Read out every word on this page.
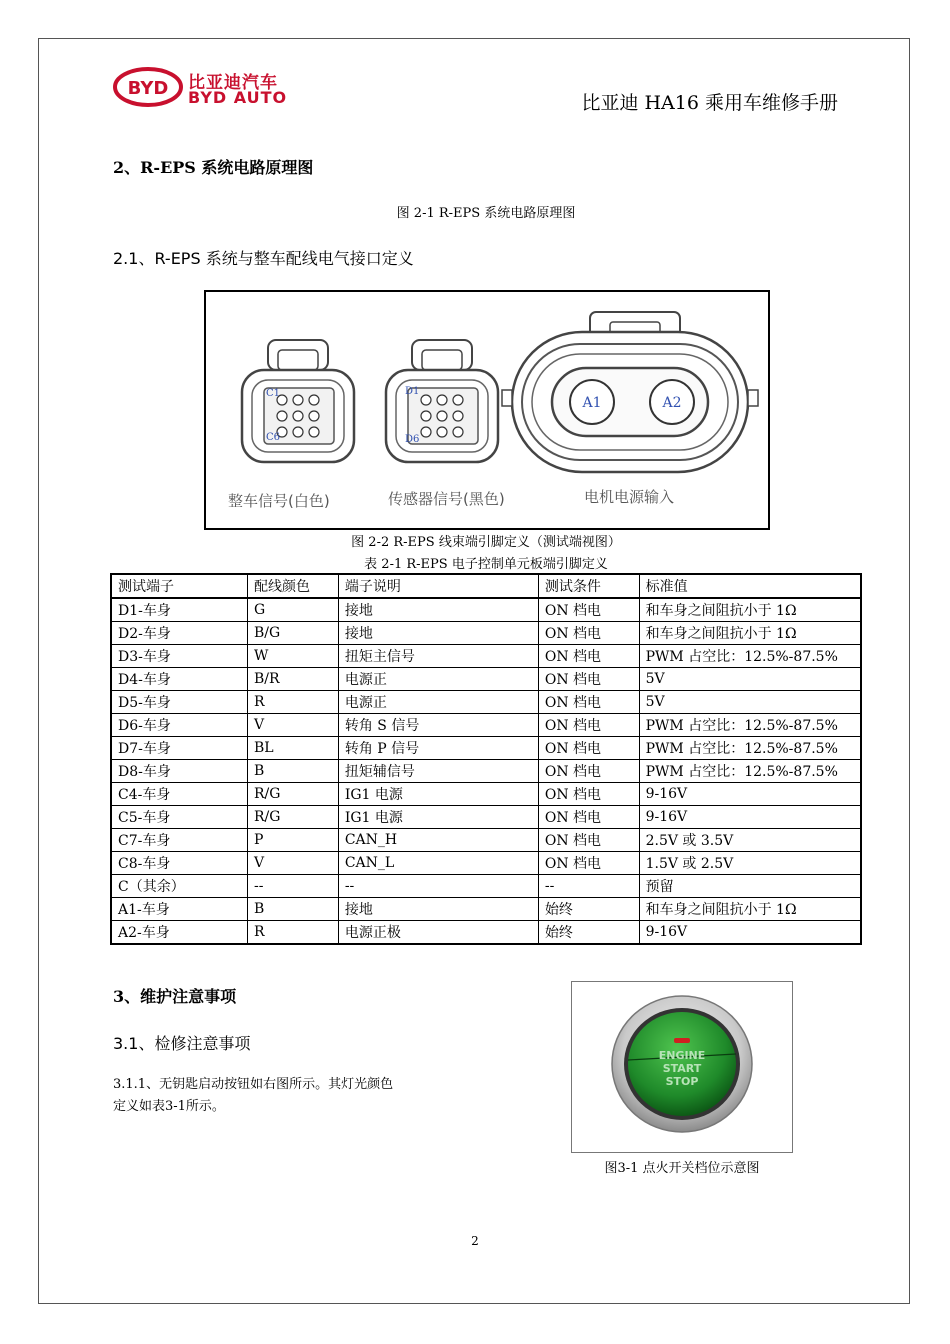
BYD 比亚迪汽车
BYD AUTO	比亚迪 HA16 乘用车维修手册
2、R-EPS 系统电路原理图
图 2-1 R-EPS 系统电路原理图
2.1、R-EPS 系统与整车配线电气接口定义
C1
C6
D1
D6
A1	A2
整车信号(白色)	传感器信号(黑色)	电机电源输入
图 2-2 R-EPS 线束端引脚定义（测试端视图）
表 2-1 R-EPS 电子控制单元板端引脚定义
测试端子	配线颜色	端子说明	测试条件	标准值
D1-车身	G	接地	ON 档电	和车身之间阻抗小于 1Ω
D2-车身	B/G	接地	ON 档电	和车身之间阻抗小于 1Ω
D3-车身	W	扭矩主信号	ON 档电	PWM 占空比：12.5%-87.5%
D4-车身	B/R	电源正	ON 档电	5V
D5-车身	R	电源正	ON 档电	5V
D6-车身	V	转角 S 信号	ON 档电	PWM 占空比：12.5%-87.5%
D7-车身	BL	转角 P 信号	ON 档电	PWM 占空比：12.5%-87.5%
D8-车身	B	扭矩辅信号	ON 档电	PWM 占空比：12.5%-87.5%
C4-车身	R/G	IG1 电源	ON 档电	9-16V
C5-车身	R/G	IG1 电源	ON 档电	9-16V
C7-车身	P	CAN_H	ON 档电	2.5V 或 3.5V
C8-车身	V	CAN_L	ON 档电	1.5V 或 2.5V
C（其余）	--	--	--	预留
A1-车身	B	接地	始终	和车身之间阻抗小于 1Ω
A2-车身	R	电源正极	始终	9-16V
3、维护注意事项
3.1、检修注意事项
3.1.1、无钥匙启动按钮如右图所示。其灯光颜色
定义如表3-1所示。
ENGINE
START
STOP
图3-1 点火开关档位示意图
2
